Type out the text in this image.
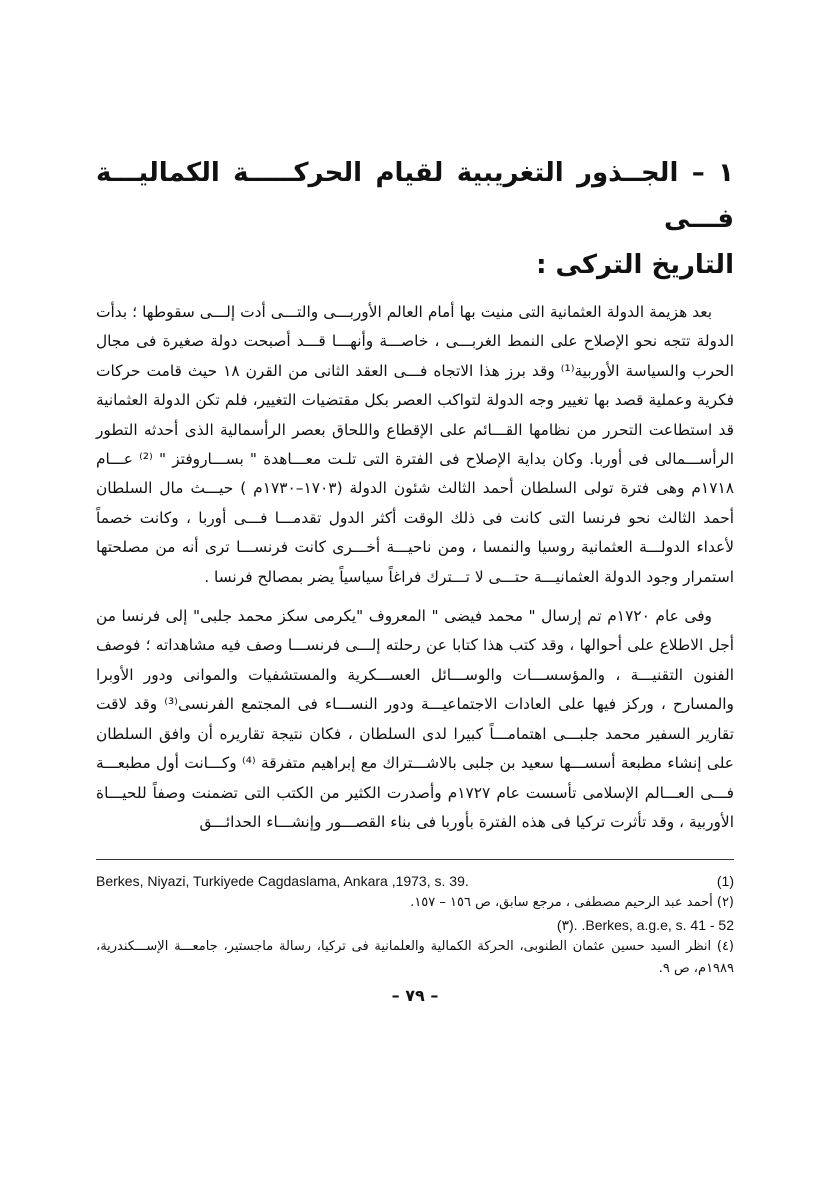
١ – الجــذور التغريبية لقيام الحركـــــة الكماليـــة فـــى
التاريخ التركى :

بعد هزيمة الدولة العثمانية التى منيت بها أمام العالم الأوربـــى والتـــى أدت إلـــى سقوطها ؛ بدأت الدولة تتجه نحو الإصلاح على النمط الغربـــى ، خاصـــة وأنهـــا قـــد أصبحت دولة صغيرة فى مجال الحرب والسياسة الأوربية⁽¹⁾ وقد برز هذا الاتجاه فـــى العقد الثانى من القرن ١٨ حيث قامت حركات فكرية وعملية قصد بها تغيير وجه الدولة لتواكب العصر بكل مقتضيات التغيير، فلم تكن الدولة العثمانية قد استطاعت التحرر من نظامها القـــائم على الإقطاع واللحاق بعصر الرأسمالية الذى أحدثه التطور الرأســـمالى فى أوربا. وكان بداية الإصلاح فى الفترة التى تلـت معـــاهدة " بســـاروفتز " ⁽²⁾ عـــام ١٧١٨م وهى فترة تولى السلطان أحمد الثالث شئون الدولة (١٧٠٣–١٧٣٠م ) حيـــث مال السلطان أحمد الثالث نحو فرنسا التى كانت فى ذلك الوقت أكثر الدول تقدمـــا فـــى أوربا ، وكانت خصماً لأعداء الدولـــة العثمانية روسيا والنمسا ، ومن ناحيـــة أخـــرى كانت فرنســـا ترى أنه من مصلحتها استمرار وجود الدولة العثمانيـــة حتـــى لا تـــترك فراغاً سياسياً يضر بمصالح فرنسا .

وفى عام ١٧٢٠م تم إرسال " محمد فيضى " المعروف "يكرمى سكز محمد جلبى" إلى فرنسا من أجل الاطلاع على أحوالها ، وقد كتب هذا كتابا عن رحلته إلـــى فرنســـا وصف فيه مشاهداته ؛ فوصف الفنون التقنيـــة ، والمؤسســـات والوســـائل العســـكرية والمستشفيات والموانى ودور الأوبرا والمسارح ، وركز فيها على العادات الاجتماعيـــة ودور النســـاء فى المجتمع الفرنسى⁽³⁾ وقد لاقت تقارير السفير محمد جلبـــى اهتمامـــاً كبيرا لدى السلطان ، فكان نتيجة تقاريره أن وافق السلطان على إنشاء مطبعة أسســـها سعيد بن جلبى بالاشـــتراك مع إبراهيم متفرقة ⁽⁴⁾ وكـــانت أول مطبعـــة فـــى العـــالم الإسلامى تأسست عام ١٧٢٧م وأصدرت الكثير من الكتب التى تضمنت وصفاً للحيـــاة الأوربية ، وقد تأثرت تركيا فى هذه الفترة بأوربا فى بناء القصـــور وإنشـــاء الحدائـــق

Berkes, Niyazi, Turkiyede Cagdaslama, Ankara ,1973, s. 39.	(1)
(٢) أحمد عبد الرحيم مصطفى ، مرجع سابق، ص ١٥٦ – ١٥٧.
Berkes, a.g.e, s. 41 - 52. .(٣)
(٤) انظر السيد حسين عثمان الطنوبى، الحركة الكمالية والعلمانية فى تركيا، رسالة ماجستير، جامعـــة الإســـكندرية، ١٩٨٩م، ص ٩.
– ٧٩ –
